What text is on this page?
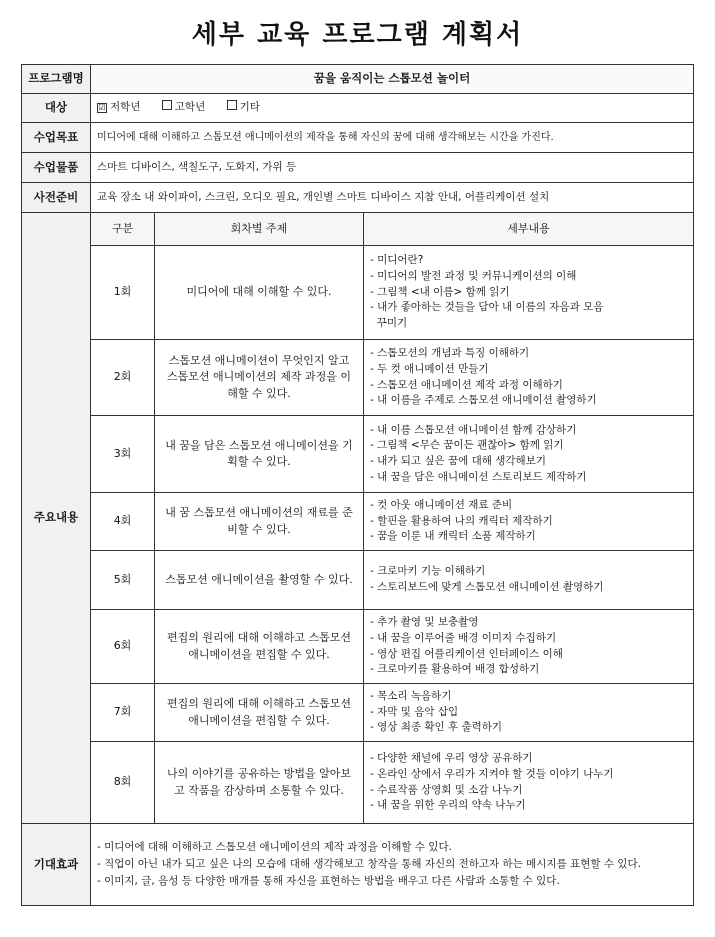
세부 교육 프로그램 계획서
프로그램명	꿈을 움직이는 스톱모션 놀이터		
대상	☑ 저학년 고학년 기타		
수업목표	미디어에 대해 이해하고 스톱모션 애니메이션의 제작을 통해 자신의 꿈에 대해 생각해보는 시간을 가진다.		
수업물품	스마트 디바이스, 색칠도구, 도화지, 가위 등		
사전준비	교육 장소 내 와이파이, 스크린, 오디오 필요, 개인별 스마트 디바이스 지참 안내, 어플리케이션 설치		
주요내용	구분	회차별 주제	세부내용
	1회	미디어에 대해 이해할 수 있다.	- 미디어란?
- 미디어의 발전 과정 및 커뮤니케이션의 이해
- 그림책 <내 이름> 함께 읽기
- 내가 좋아하는 것들을 담아 내 이름의 자음과 모음
꾸미기

	2회	스톱모션 애니메이션이 무엇인지 알고 스톱모션 애니메이션의 제작 과정을 이해할 수 있다.	- 스톱모션의 개념과 특징 이해하기
- 두 컷 애니메이션 만들기
- 스톱모션 애니메이션 제작 과정 이해하기
- 내 이름을 주제로 스톱모션 애니메이션 촬영하기

	3회	내 꿈을 담은 스톱모션 애니메이션을 기획할 수 있다.	- 내 이름 스톱모션 애니메이션 함께 감상하기
- 그림책 <무슨 꿈이든 괜찮아> 함께 읽기
- 내가 되고 싶은 꿈에 대해 생각해보기
- 내 꿈을 담은 애니메이션 스토리보드 제작하기

	4회	내 꿈 스톱모션 애니메이션의 재료를 준비할 수 있다.	- 컷 아웃 애니메이션 재료 준비
- 할핀을 활용하여 나의 캐릭터 제작하기
- 꿈을 이룬 내 캐릭터 소품 제작하기

	5회	스톱모션 애니메이션을 촬영할 수 있다.	- 크로마키 기능 이해하기
- 스토리보드에 맞게 스톱모션 애니메이션 촬영하기

	6회	편집의 원리에 대해 이해하고 스톱모션 애니메이션을 편집할 수 있다.	- 추가 촬영 및 보충촬영
- 내 꿈을 이루어줄 배경 이미지 수집하기
- 영상 편집 어플리케이션 인터페이스 이해
- 크로마키를 활용하여 배경 합성하기

	7회	편집의 원리에 대해 이해하고 스톱모션 애니메이션을 편집할 수 있다.	- 목소리 녹음하기
- 자막 및 음악 삽입
- 영상 최종 확인 후 출력하기

	8회	나의 이야기를 공유하는 방법을 알아보고 작품을 감상하며 소통할 수 있다.	- 다양한 채널에 우리 영상 공유하기
- 온라인 상에서 우리가 지켜야 할 것들 이야기 나누기
- 수료작품 상영회 및 소감 나누기
- 내 꿈을 위한 우리의 약속 나누기

기대효과	- 미디어에 대해 이해하고 스톱모션 애니메이션의 제작 과정을 이해할 수 있다.
- 직업이 아닌 내가 되고 싶은 나의 모습에 대해 생각해보고 창작을 통해 자신의 전하고자 하는 메시지를 표현할 수 있다.
- 이미지, 글, 음성 등 다양한 매개를 통해 자신을 표현하는 방법을 배우고 다른 사람과 소통할 수 있다.		
